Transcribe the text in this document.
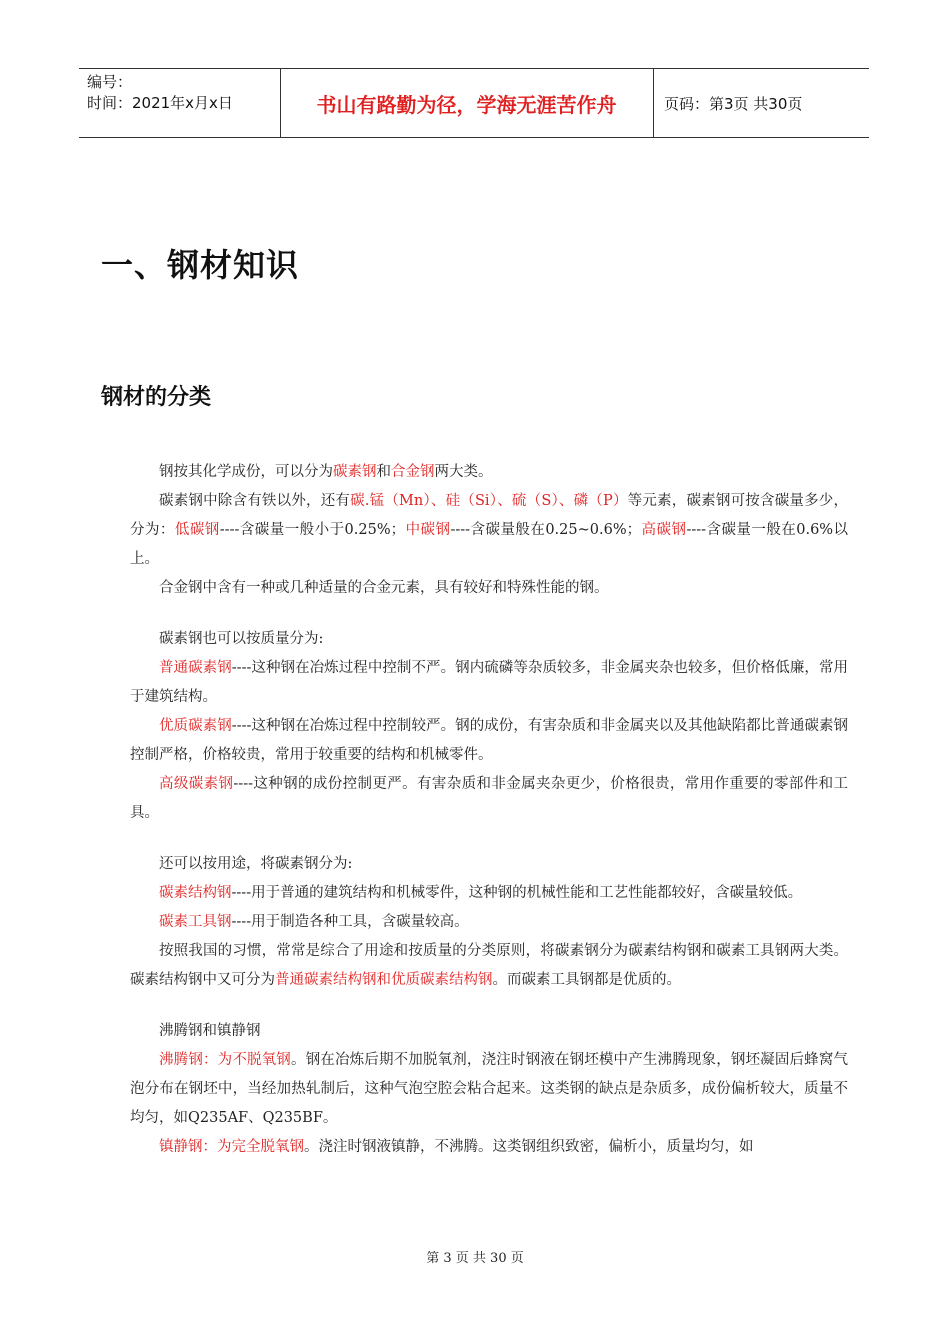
编号：
时间：2021年x月x日	书山有路勤为径，学海无涯苦作舟	页码：第3页 共30页
一、钢材知识
钢材的分类

钢按其化学成份，可以分为碳素钢和合金钢两大类。

碳素钢中除含有铁以外，还有碳.锰（Mn）、硅（Si）、硫（S）、磷（P）等元素，碳素钢可按含碳量多少，分为：低碳钢----含碳量一般小于0.25%；中碳钢----含碳量般在0.25~0.6%；高碳钢----含碳量一般在0.6%以上。

合金钢中含有一种或几种适量的合金元素，具有较好和特殊性能的钢。

碳素钢也可以按质量分为:

普通碳素钢----这种钢在冶炼过程中控制不严。钢内硫磷等杂质较多，非金属夹杂也较多，但价格低廉，常用于建筑结构。

优质碳素钢----这种钢在冶炼过程中控制较严。钢的成份，有害杂质和非金属夹以及其他缺陷都比普通碳素钢控制严格，价格较贵，常用于较重要的结构和机械零件。

高级碳素钢----这种钢的成份控制更严。有害杂质和非金属夹杂更少，价格很贵，常用作重要的零部件和工具。

还可以按用途，将碳素钢分为:

碳素结构钢----用于普通的建筑结构和机械零件，这种钢的机械性能和工艺性能都较好，含碳量较低。

碳素工具钢----用于制造各种工具，含碳量较高。

按照我国的习惯，常常是综合了用途和按质量的分类原则，将碳素钢分为碳素结构钢和碳素工具钢两大类。碳素结构钢中又可分为普通碳素结构钢和优质碳素结构钢。而碳素工具钢都是优质的。

沸腾钢和镇静钢

沸腾钢：为不脱氧钢。钢在冶炼后期不加脱氧剂，浇注时钢液在钢坯模中产生沸腾现象，钢坯凝固后蜂窝气泡分布在钢坯中，当经加热轧制后，这种气泡空腔会粘合起来。这类钢的缺点是杂质多，成份偏析较大，质量不均匀，如Q235AF、Q235BF。

镇静钢：为完全脱氧钢。浇注时钢液镇静，不沸腾。这类钢组织致密，偏析小，质量均匀，如

第 3 页 共 30 页
